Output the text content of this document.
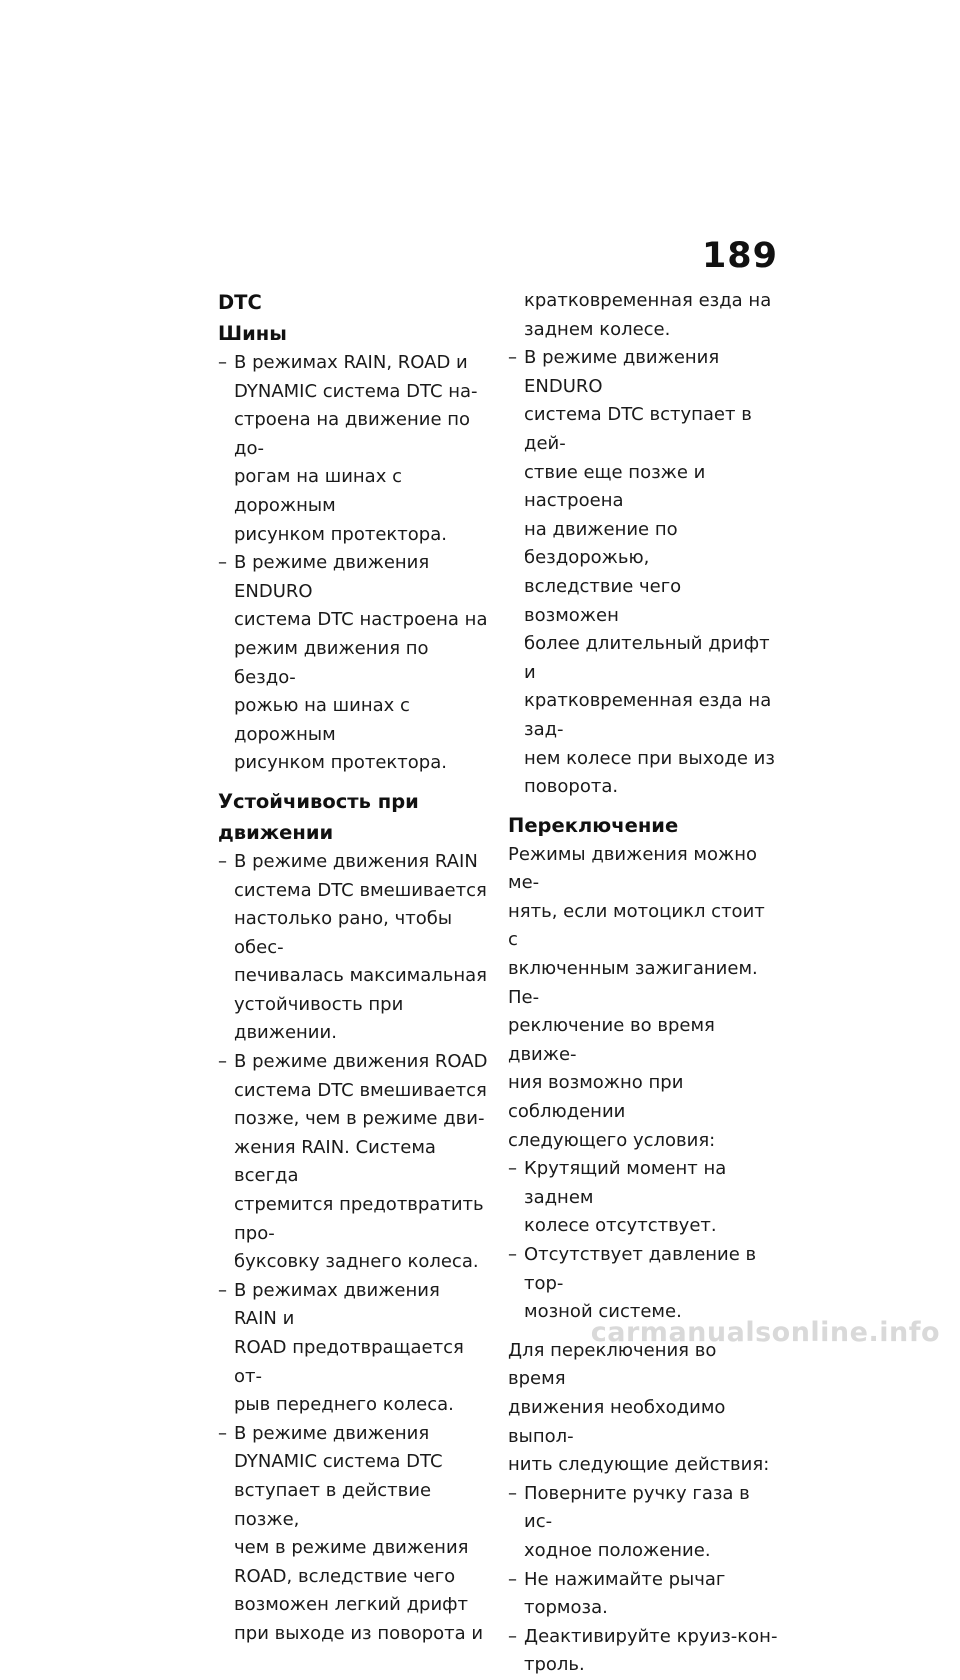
189
DTC
Шины
– В режимах RAIN, ROAD и
DYNAMIC система DTC на-
строена на движение по до-
рогам на шинах с дорожным
рисунком протектора.
– В режиме движения ENDURO
система DTC настроена на
режим движения по бездо-
рожью на шинах с дорожным
рисунком протектора.
Устойчивость при
движении
– В режиме движения RAIN
система DTC вмешивается
настолько рано, чтобы обес-
печивалась максимальная
устойчивость при движении.
– В режиме движения ROAD
система DTC вмешивается
позже, чем в режиме дви-
жения RAIN. Система всегда
стремится предотвратить про-
буксовку заднего колеса.
– В режимах движения RAIN и
ROAD предотвращается от-
рыв переднего колеса.
– В режиме движения
DYNAMIC система DTC
вступает в действие позже,
чем в режиме движения
ROAD, вследствие чего
возможен легкий дрифт
при выходе из поворота и
кратковременная езда на
заднем колесе.
– В режиме движения ENDURO
система DTC вступает в дей-
ствие еще позже и настроена
на движение по бездорожью,
вследствие чего возможен
более длительный дрифт и
кратковременная езда на зад-
нем колесе при выходе из
поворота.
Переключение

Режимы движения можно ме-
нять, если мотоцикл стоит с
включенным зажиганием. Пе-
реключение во время движе-
ния возможно при соблюдении
следующего условия:

– Крутящий момент на заднем
колесе отсутствует.
– Отсутствует давление в тор-
мозной системе.

Для переключения во время
движения необходимо выпол-
нить следующие действия:

– Поверните ручку газа в ис-
ходное положение.
– Не нажимайте рычаг тормоза.
– Деактивируйте круиз-кон-
троль.
carmanualsonline.info
